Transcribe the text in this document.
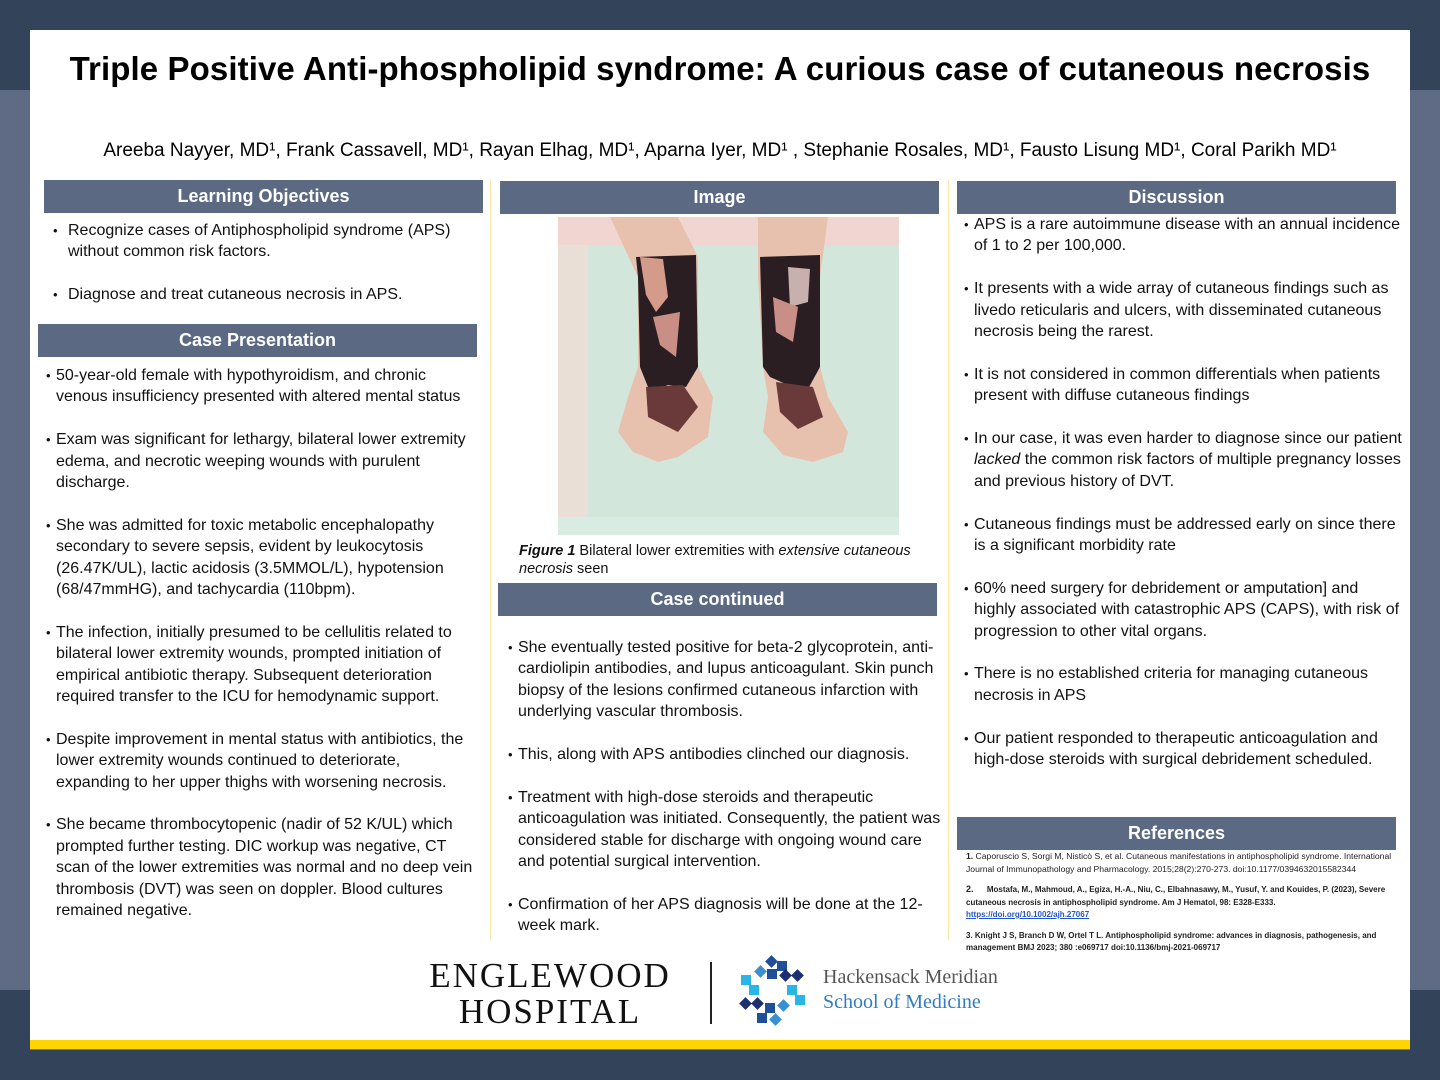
Triple Positive Anti-phospholipid syndrome: A curious case of cutaneous necrosis
Areeba Nayyer, MD¹, Frank Cassavell, MD¹, Rayan Elhag, MD¹, Aparna Iyer, MD¹ , Stephanie Rosales, MD¹, Fausto Lisung MD¹, Coral Parikh MD¹
Learning Objectives
• Recognize cases of Antiphospholipid syndrome (APS) without common risk factors.
• Diagnose and treat cutaneous necrosis in APS.
Case Presentation
• 50-year-old female with hypothyroidism, and chronic venous insufficiency presented with altered mental status
• Exam was significant for lethargy, bilateral lower extremity edema, and necrotic weeping wounds with purulent discharge.
• She was admitted for toxic metabolic encephalopathy secondary to severe sepsis, evident by leukocytosis (26.47K/UL), lactic acidosis (3.5MMOL/L), hypotension (68/47mmHG), and tachycardia (110bpm).
• The infection, initially presumed to be cellulitis related to bilateral lower extremity wounds, prompted initiation of empirical antibiotic therapy. Subsequent deterioration required transfer to the ICU for hemodynamic support.
• Despite improvement in mental status with antibiotics, the lower extremity wounds continued to deteriorate, expanding to her upper thighs with worsening necrosis.
• She became thrombocytopenic (nadir of 52 K/UL) which prompted further testing. DIC workup was negative, CT scan of the lower extremities was normal and no deep vein thrombosis (DVT) was seen on doppler. Blood cultures remained negative.
Image
Figure 1 Bilateral lower extremities with extensive cutaneous necrosis seen
Case continued
• She eventually tested positive for beta-2 glycoprotein, anti-cardiolipin antibodies, and lupus anticoagulant. Skin punch biopsy of the lesions confirmed cutaneous infarction with underlying vascular thrombosis.
• This, along with APS antibodies clinched our diagnosis.
• Treatment with high-dose steroids and therapeutic anticoagulation was initiated. Consequently, the patient was considered stable for discharge with ongoing wound care and potential surgical intervention.
• Confirmation of her APS diagnosis will be done at the 12-week mark.
Discussion
• APS is a rare autoimmune disease with an annual incidence of 1 to 2 per 100,000.
• It presents with a wide array of cutaneous findings such as livedo reticularis and ulcers, with disseminated cutaneous necrosis being the rarest.
• It is not considered in common differentials when patients present with diffuse cutaneous findings
• In our case, it was even harder to diagnose since our patient lacked the common risk factors of multiple pregnancy losses and previous history of DVT.
• Cutaneous findings must be addressed early on since there is a significant morbidity rate
• 60% need surgery for debridement or amputation] and highly associated with catastrophic APS (CAPS), with risk of progression to other vital organs.
• There is no established criteria for managing cutaneous necrosis in APS
• Our patient responded to therapeutic anticoagulation and high-dose steroids with surgical debridement scheduled.
References

1. Caporuscio S, Sorgi M, Nisticò S, et al. Cutaneous manifestations in antiphospholipid syndrome. International Journal of Immunopathology and Pharmacology. 2015;28(2):270-273. doi:10.1177/0394632015582344

2.      Mostafa, M., Mahmoud, A., Egiza, H.-A., Niu, C., Elbahnasawy, M., Yusuf, Y. and Kouides, P. (2023), Severe cutaneous necrosis in antiphospholipid syndrome. Am J Hematol, 98: E328-E333. https://doi.org/10.1002/ajh.27067

3. Knight J S, Branch D W, Ortel T L. Antiphospholipid syndrome: advances in diagnosis, pathogenesis, and management BMJ 2023; 380 :e069717 doi:10.1136/bmj-2021-069717

ENGLEWOOD
HOSPITAL
Hackensack Meridian
School of Medicine
